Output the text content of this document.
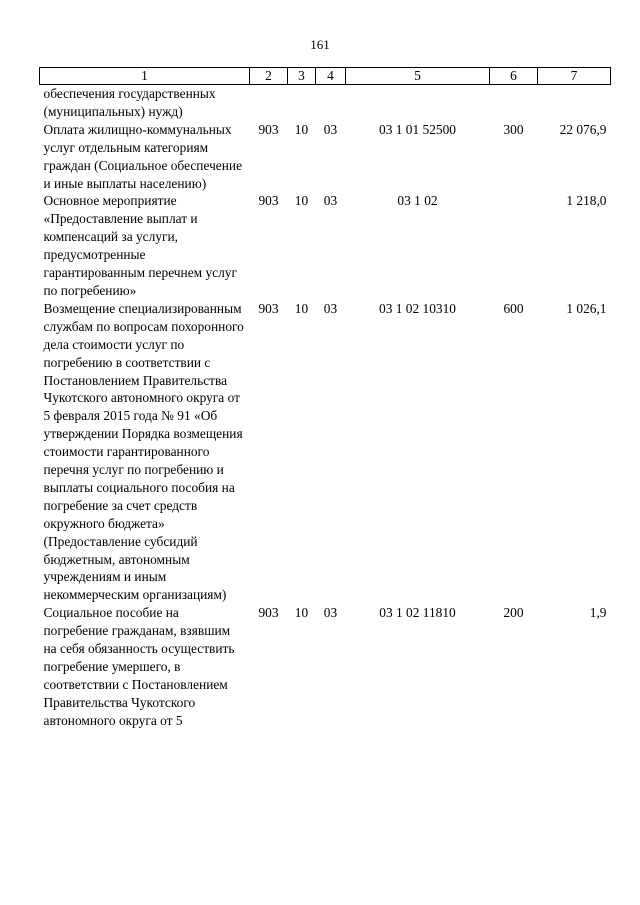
161
1	2	3	4	5	6	7
обеспечения государственных (муниципальных) нужд)						
Оплата жилищно-коммунальных услуг отдельным категориям граждан (Социальное обеспечение и иные выплаты населению)	903	10	03	03 1 01 52500	300	22 076,9
Основное мероприятие «Предоставление выплат и компенсаций за услуги, предусмотренные гарантированным перечнем услуг по погребению»	903	10	03	03 1 02		1 218,0
Возмещение специализированным службам по вопросам похоронного дела стоимости услуг по погребению в соответствии с Постановлением Правительства Чукотского автономного округа от 5 февраля 2015 года № 91 «Об утверждении Порядка возмещения стоимости гарантированного перечня услуг по погребению и выплаты социального пособия на погребение за счет средств окружного бюджета» (Предоставление субсидий бюджетным, автономным учреждениям и иным некоммерческим организациям)	903	10	03	03 1 02 10310	600	1 026,1
Социальное пособие на погребение гражданам, взявшим на себя обязанность осуществить погребение умершего, в соответствии с Постановлением Правительства Чукотского автономного округа от 5	903	10	03	03 1 02 11810	200	1,9
